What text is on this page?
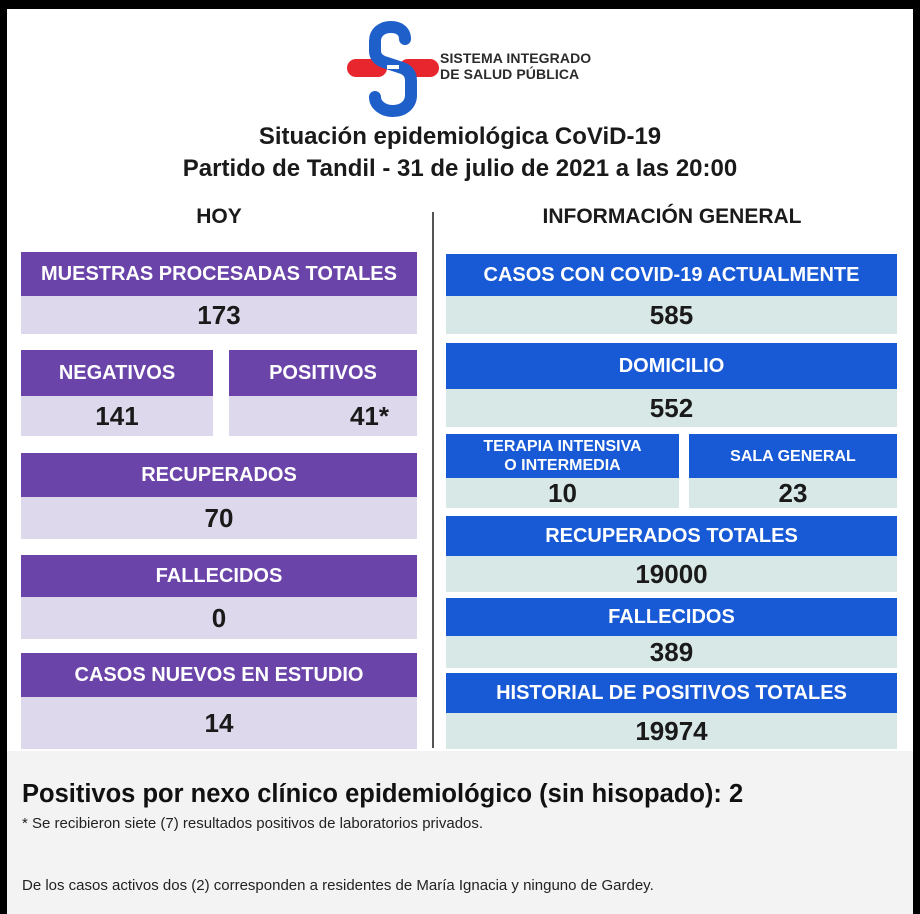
SISTEMA INTEGRADO
DE SALUD PÚBLICA
Situación epidemiológica CoViD-19
Partido de Tandil - 31 de julio de 2021 a las 20:00
HOY	INFORMACIÓN GENERAL
MUESTRAS PROCESADAS TOTALES
173
NEGATIVOS
141
POSITIVOS
41*
RECUPERADOS
70
FALLECIDOS
0
CASOS NUEVOS EN ESTUDIO
14
CASOS CON COVID-19 ACTUALMENTE
585
DOMICILIO
552
TERAPIA INTENSIVA
O INTERMEDIA
10
SALA GENERAL
23
RECUPERADOS TOTALES
19000
FALLECIDOS
389
HISTORIAL DE POSITIVOS TOTALES
19974
Positivos por nexo clínico epidemiológico (sin hisopado): 2
* Se recibieron siete (7) resultados positivos de laboratorios privados.
De los casos activos dos (2) corresponden a residentes de María Ignacia y ninguno de Gardey.
